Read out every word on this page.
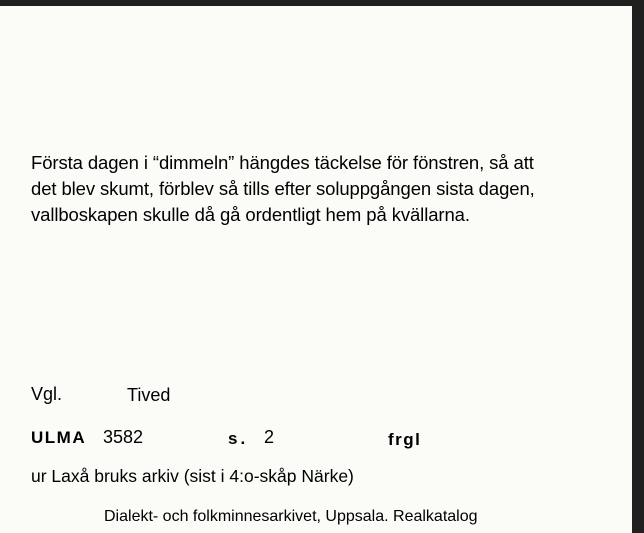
Första dagen i “dimmeln” hängdes täckelse för fönstren, så att

det blev skumt, förblev så tills efter soluppgången sista dagen,

vallboskapen skulle då gå ordentligt hem på kvällarna.

Vgl.	Tived
ULMA 3582	s. 2	frgl
ur Laxå bruks arkiv (sist i 4:o-skåp Närke)
Dialekt- och folkminnesarkivet, Uppsala. Realkatalog
